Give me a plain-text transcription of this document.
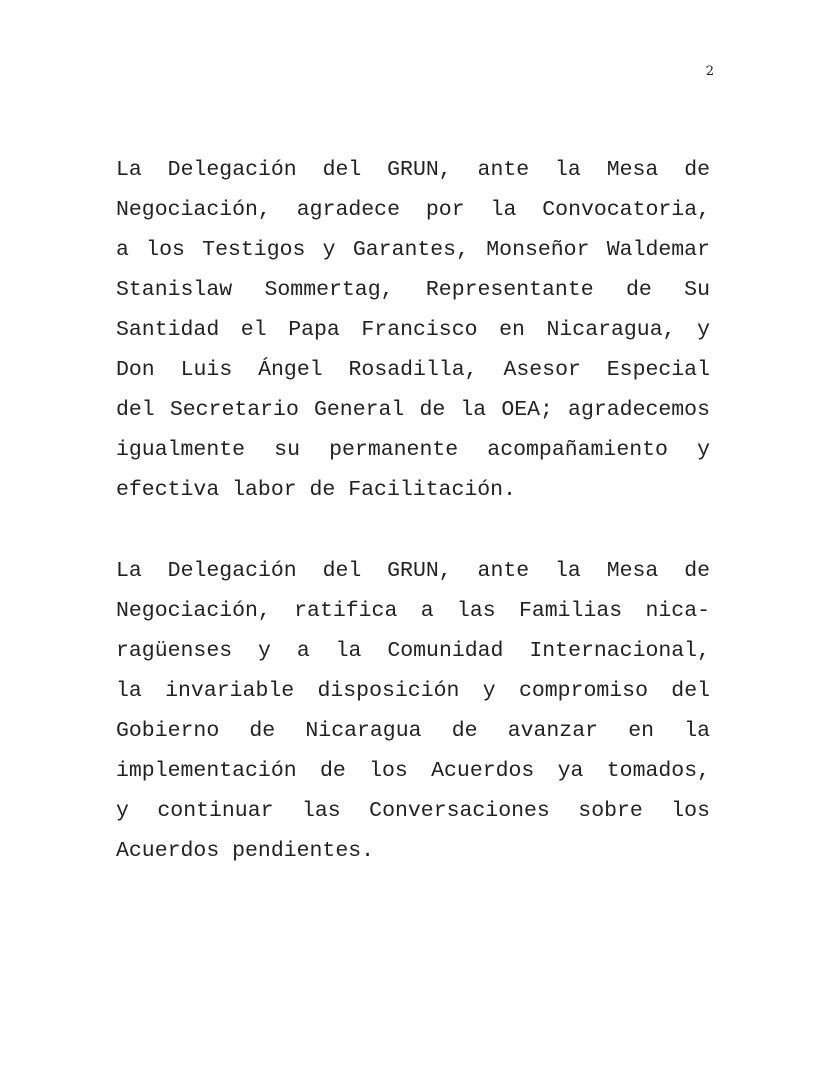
2
La Delegación del GRUN, ante la Mesa de
Negociación, agradece por la Convocatoria,
a los Testigos y Garantes, Monseñor Waldemar
Stanislaw Sommertag, Representante de Su
Santidad el Papa Francisco en Nicaragua, y
Don Luis Ángel Rosadilla, Asesor Especial
del Secretario General de la OEA; agradecemos
igualmente su permanente acompañamiento y
efectiva labor de Facilitación.
La Delegación del GRUN, ante la Mesa de
Negociación, ratifica a las Familias nica-
ragüenses y a la Comunidad Internacional,
la invariable disposición y compromiso del
Gobierno de Nicaragua de avanzar en la
implementación de los Acuerdos ya tomados,
y continuar las Conversaciones sobre los
Acuerdos pendientes.
